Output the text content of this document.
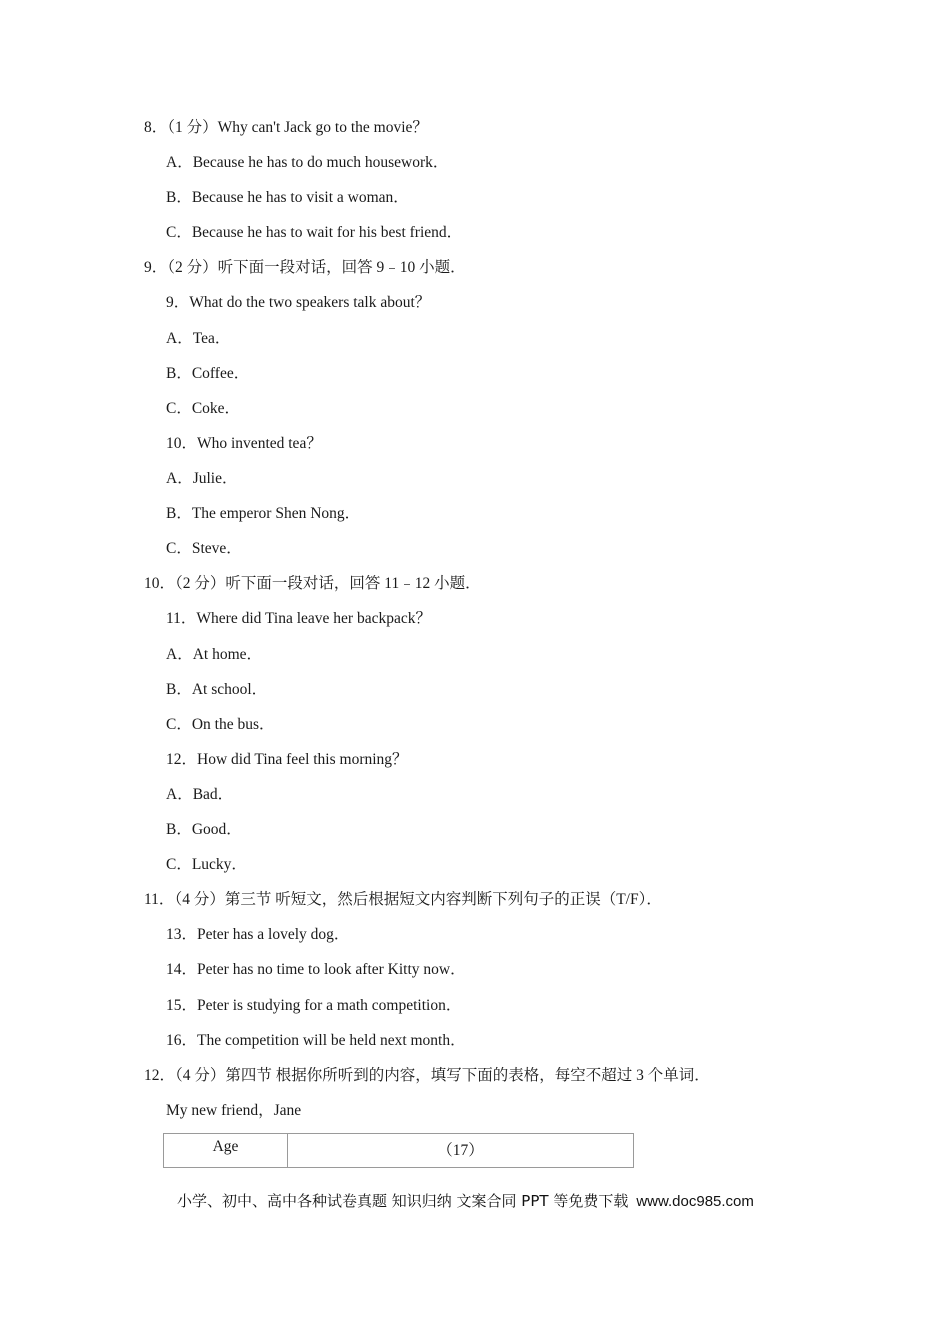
8．（1 分）Why can't Jack go to the movie？
A．Because he has to do much housework．
B．Because he has to visit a woman．
C．Because he has to wait for his best friend．
9．（2 分）听下面一段对话，回答 9﹣10 小题．
9．What do the two speakers talk about？
A．Tea．
B．Coffee．
C．Coke．
10．Who invented tea？
A．Julie．
B．The emperor Shen Nong．
C．Steve．
10．（2 分）听下面一段对话，回答 11﹣12 小题．
11．Where did Tina leave her backpack？
A．At home．
B．At school．
C．On the bus．
12．How did Tina feel this morning？
A．Bad．
B．Good．
C．Lucky．
11．（4 分）第三节 听短文，然后根据短文内容判断下列句子的正误（T/F）．
13．Peter has a lovely dog．
14．Peter has no time to look after Kitty now．
15．Peter is studying for a math competition．
16．The competition will be held next month．
12．（4 分）第四节 根据你所听到的内容，填写下面的表格，每空不超过 3 个单词．
My new friend，Jane
Age	（17）
小学、初中、高中各种试卷真题 知识归纳 文案合同 PPT 等免费下载 www.doc985.com
